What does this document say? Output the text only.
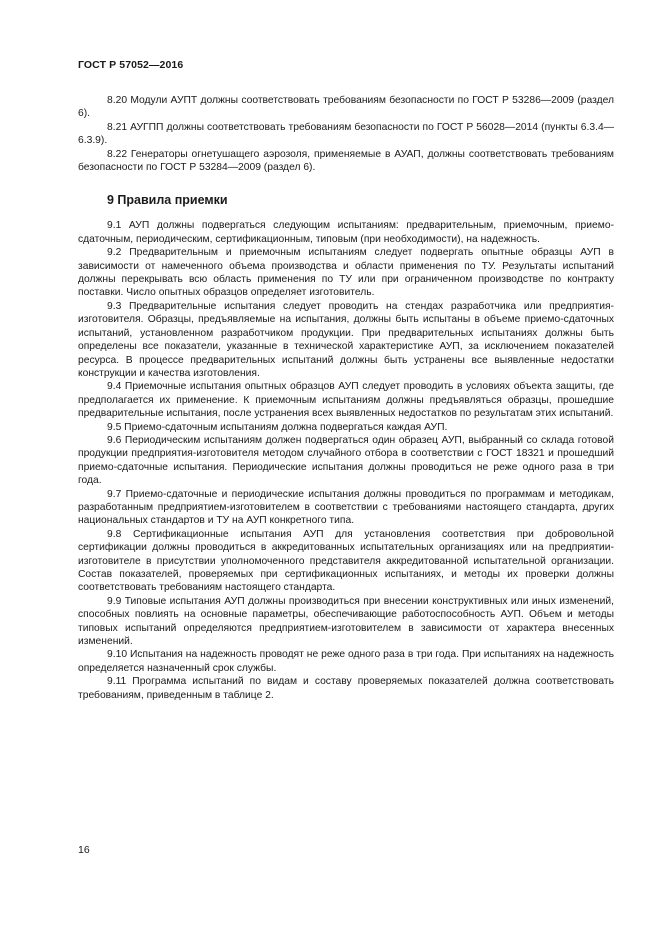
ГОСТ Р 57052—2016

8.20 Модули АУПТ должны соответствовать требованиям безопасности по ГОСТ Р 53286—2009 (раздел 6).

8.21 АУГПП должны соответствовать требованиям безопасности по ГОСТ Р 56028—2014 (пункты 6.3.4—6.3.9).

8.22 Генераторы огнетушащего аэрозоля, применяемые в АУАП, должны соответствовать требованиям безопасности по ГОСТ Р 53284—2009 (раздел 6).

9 Правила приемки

9.1 АУП должны подвергаться следующим испытаниям: предварительным, приемочным, приемо-сдаточным, периодическим, сертификационным, типовым (при необходимости), на надежность.

9.2 Предварительным и приемочным испытаниям следует подвергать опытные образцы АУП в зависимости от намеченного объема производства и области применения по ТУ. Результаты испытаний должны перекрывать всю область применения по ТУ или при ограниченном производстве по контракту поставки. Число опытных образцов определяет изготовитель.

9.3 Предварительные испытания следует проводить на стендах разработчика или предприятия-изготовителя. Образцы, предъявляемые на испытания, должны быть испытаны в объеме приемо-сдаточных испытаний, установленном разработчиком продукции. При предварительных испытаниях должны быть определены все показатели, указанные в технической характеристике АУП, за исключением показателей ресурса. В процессе предварительных испытаний должны быть устранены все выявленные недостатки конструкции и качества изготовления.

9.4 Приемочные испытания опытных образцов АУП следует проводить в условиях объекта защиты, где предполагается их применение. К приемочным испытаниям должны предъявляться образцы, прошедшие предварительные испытания, после устранения всех выявленных недостатков по результатам этих испытаний.

9.5 Приемо-сдаточным испытаниям должна подвергаться каждая АУП.

9.6 Периодическим испытаниям должен подвергаться один образец АУП, выбранный со склада готовой продукции предприятия-изготовителя методом случайного отбора в соответствии с ГОСТ 18321 и прошедший приемо-сдаточные испытания. Периодические испытания должны проводиться не реже одного раза в три года.

9.7 Приемо-сдаточные и периодические испытания должны проводиться по программам и методикам, разработанным предприятием-изготовителем в соответствии с требованиями настоящего стандарта, других национальных стандартов и ТУ на АУП конкретного типа.

9.8 Сертификационные испытания АУП для установления соответствия при добровольной сертификации должны проводиться в аккредитованных испытательных организациях или на предприятии-изготовителе в присутствии уполномоченного представителя аккредитованной испытательной организации. Состав показателей, проверяемых при сертификационных испытаниях, и методы их проверки должны соответствовать требованиям настоящего стандарта.

9.9 Типовые испытания АУП должны производиться при внесении конструктивных или иных изменений, способных повлиять на основные параметры, обеспечивающие работоспособность АУП. Объем и методы типовых испытаний определяются предприятием-изготовителем в зависимости от характера внесенных изменений.

9.10 Испытания на надежность проводят не реже одного раза в три года. При испытаниях на надежность определяется назначенный срок службы.

9.11 Программа испытаний по видам и составу проверяемых показателей должна соответствовать требованиям, приведенным в таблице 2.

16
